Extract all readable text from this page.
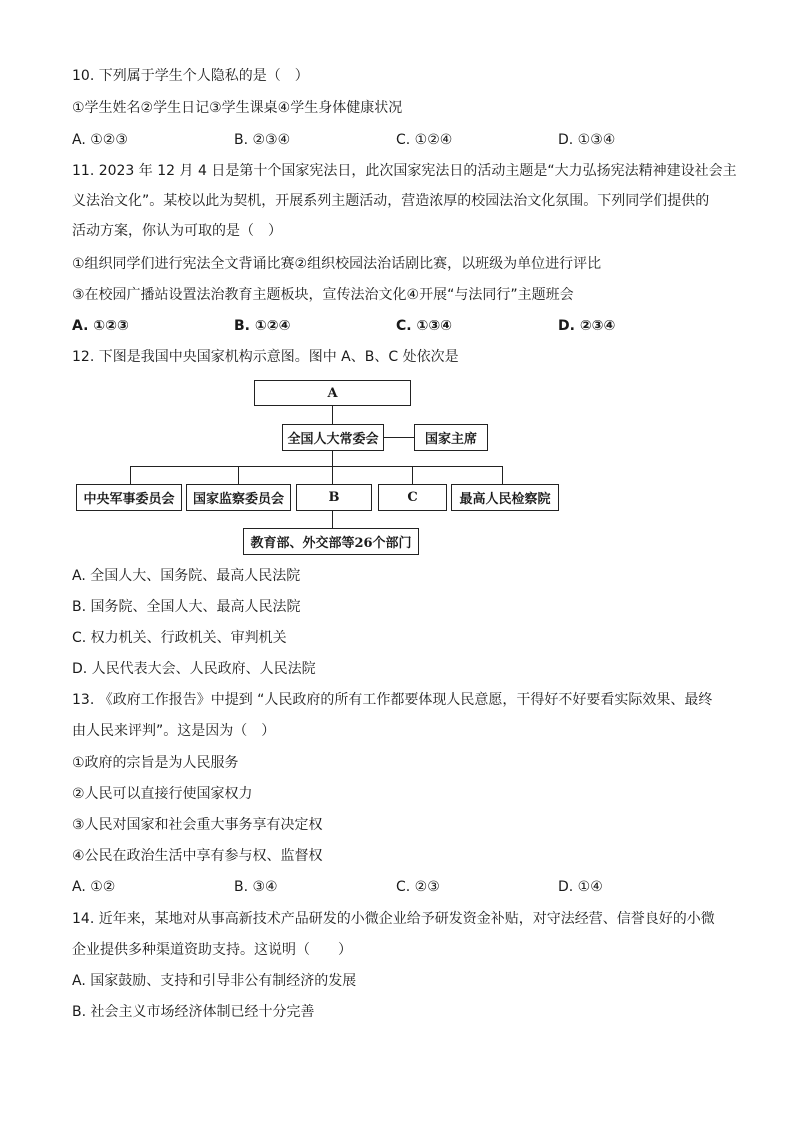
10. 下列属于学生个人隐私的是（　）
①学生姓名②学生日记③学生课桌④学生身体健康状况
A. ①②③	B. ②③④	C. ①②④	D. ①③④
11. 2023 年 12 月 4 日是第十个国家宪法日，此次国家宪法日的活动主题是“大力弘扬宪法精神建设社会主
义法治文化”。某校以此为契机，开展系列主题活动，营造浓厚的校园法治文化氛围。下列同学们提供的
活动方案，你认为可取的是（　）
①组织同学们进行宪法全文背诵比赛②组织校园法治话剧比赛，以班级为单位进行评比
③在校园广播站设置法治教育主题板块，宣传法治文化④开展“与法同行”主题班会
A. ①②③	B. ①②④	C. ①③④	D. ②③④
12. 下图是我国中央国家机构示意图。图中 A、B、C 处依次是
A
全国人大常委会	国家主席
中央军事委员会	国家监察委员会	B	C	最高人民检察院
教育部、外交部等26个部门
A. 全国人大、国务院、最高人民法院
B. 国务院、全国人大、最高人民法院
C. 权力机关、行政机关、审判机关
D. 人民代表大会、人民政府、人民法院
13. 《政府工作报告》中提到 “人民政府的所有工作都要体现人民意愿，干得好不好要看实际效果、最终
由人民来评判”。这是因为（　）
①政府的宗旨是为人民服务
②人民可以直接行使国家权力
③人民对国家和社会重大事务享有决定权
④公民在政治生活中享有参与权、监督权
A. ①②	B. ③④	C. ②③	D. ①④
14. 近年来，某地对从事高新技术产品研发的小微企业给予研发资金补贴，对守法经营、信誉良好的小微
企业提供多种渠道资助支持。这说明（　　）
A. 国家鼓励、支持和引导非公有制经济的发展
B. 社会主义市场经济体制已经十分完善
